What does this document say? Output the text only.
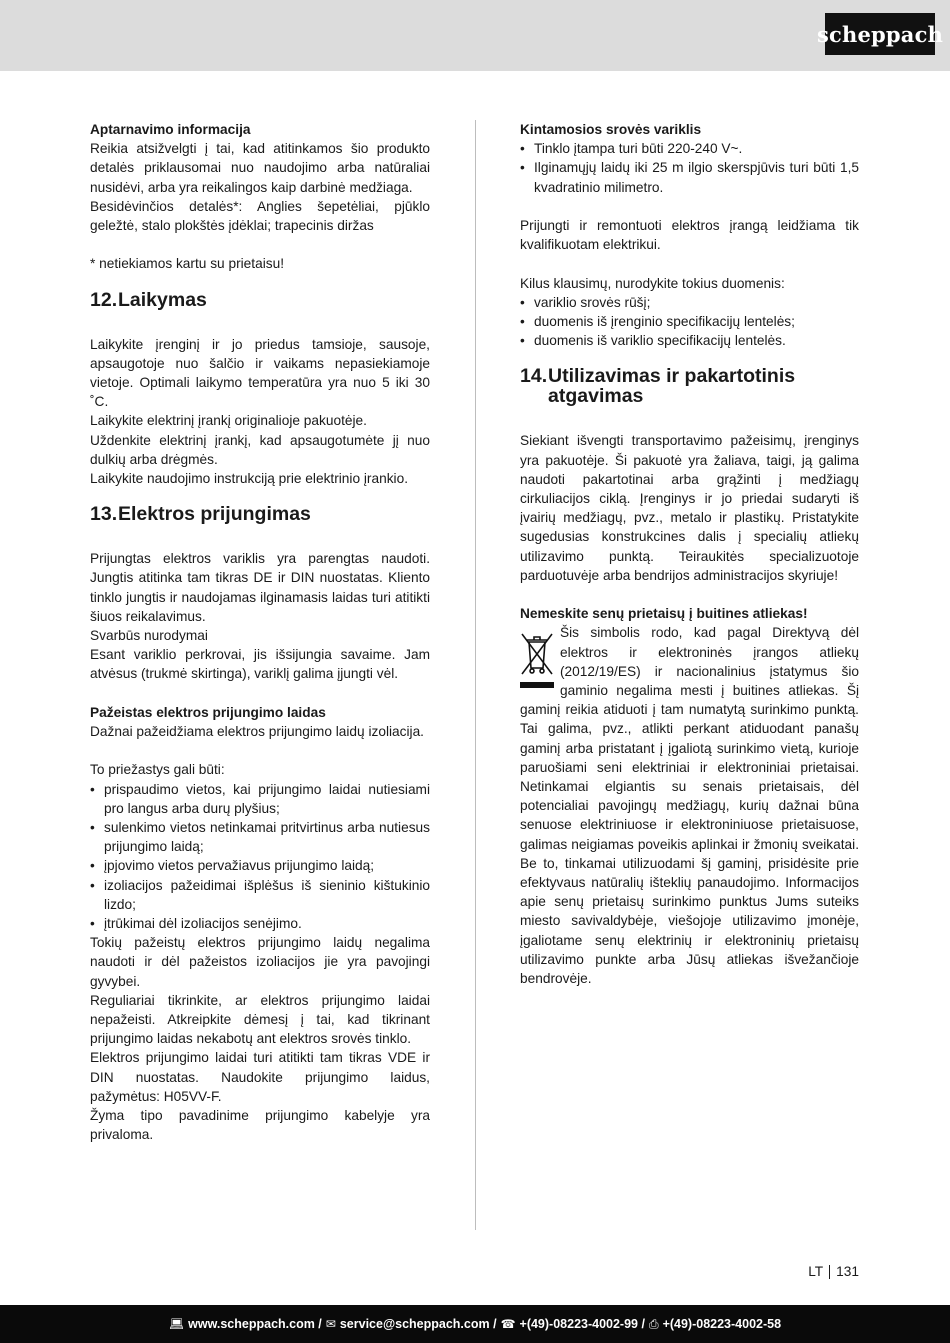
scheppach

Aptarnavimo informacija

Reikia atsižvelgti į tai, kad atitinkamos šio produkto detalės priklausomai nuo naudojimo arba natūraliai nusidėvi, arba yra reikalingos kaip darbinė medžiaga.

Besidėvinčios detalės*: Anglies šepetėliai, pjūklo geležtė, stalo plokštės įdėklai; trapecinis diržas

* netiekiamos kartu su prietaisu!

12. Laikymas

Laikykite įrenginį ir jo priedus tamsioje, sausoje, apsaugotoje nuo šalčio ir vaikams nepasiekiamoje vietoje. Optimali laikymo temperatūra yra nuo 5 iki 30 ˚C.

Laikykite elektrinį įrankį originalioje pakuotėje.

Uždenkite elektrinį įrankį, kad apsaugotumėte jį nuo dulkių arba drėgmės.

Laikykite naudojimo instrukciją prie elektrinio įrankio.

13. Elektros prijungimas

Prijungtas elektros variklis yra parengtas naudoti. Jungtis atitinka tam tikras DE ir DIN nuostatas. Kliento tinklo jungtis ir naudojamas ilginamasis laidas turi atitikti šiuos reikalavimus.

Svarbūs nurodymai

Esant variklio perkrovai, jis išsijungia savaime. Jam atvėsus (trukmė skirtinga), variklį galima įjungti vėl.

Pažeistas elektros prijungimo laidas

Dažnai pažeidžiama elektros prijungimo laidų izoliacija.

To priežastys gali būti:

• prispaudimo vietos, kai prijungimo laidai nutiesiami pro langus arba durų plyšius;
• sulenkimo vietos netinkamai pritvirtinus arba nutiesus prijungimo laidą;
• įpjovimo vietos pervažiavus prijungimo laidą;
• izoliacijos pažeidimai išplėšus iš sieninio kištukinio lizdo;
• įtrūkimai dėl izoliacijos senėjimo.

Tokių pažeistų elektros prijungimo laidų negalima naudoti ir dėl pažeistos izoliacijos jie yra pavojingi gyvybei.

Reguliariai tikrinkite, ar elektros prijungimo laidai nepažeisti. Atkreipkite dėmesį į tai, kad tikrinant prijungimo laidas nekabotų ant elektros srovės tinklo.

Elektros prijungimo laidai turi atitikti tam tikras VDE ir DIN nuostatas. Naudokite prijungimo laidus, pažymėtus: H05VV-F.

Žyma tipo pavadinime prijungimo kabelyje yra privaloma.

Kintamosios srovės variklis

• Tinklo įtampa turi būti 220-240 V~.
• Ilginamųjų laidų iki 25 m ilgio skerspjūvis turi būti 1,5 kvadratinio milimetro.

Prijungti ir remontuoti elektros įrangą leidžiama tik kvalifikuotam elektrikui.

Kilus klausimų, nurodykite tokius duomenis:

• variklio srovės rūšį;
• duomenis iš įrenginio specifikacijų lentelės;
• duomenis iš variklio specifikacijų lentelės.
14. Utilizavimas ir pakartotinis atgavimas

Siekiant išvengti transportavimo pažeisimų, įrenginys yra pakuotėje. Ši pakuotė yra žaliava, taigi, ją galima naudoti pakartotinai arba grąžinti į medžiagų cirkuliacijos ciklą. Įrenginys ir jo priedai sudaryti iš įvairių medžiagų, pvz., metalo ir plastikų. Pristatykite sugedusias konstrukcines dalis į specialių atliekų utilizavimo punktą. Teiraukitės specializuotoje parduotuvėje arba bendrijos administracijos skyriuje!

Nemeskite senų prietaisų į buitines atliekas!

Šis simbolis rodo, kad pagal Direktyvą dėl elektros ir elektroninės įrangos atliekų (2012/19/ES) ir nacionalinius įstatymus šio gaminio negalima mesti į buitines atliekas. Šį gaminį reikia atiduoti į tam numatytą surinkimo punktą. Tai galima, pvz., atlikti perkant atiduodant panašų gaminį arba pristatant į įgaliotą surinkimo vietą, kurioje paruošiami seni elektriniai ir elektroniniai prietaisai. Netinkamai elgiantis su senais prietaisais, dėl potencialiai pavojingų medžiagų, kurių dažnai būna senuose elektriniuose ir elektroniniuose prietaisuose, galimas neigiamas poveikis aplinkai ir žmonių sveikatai. Be to, tinkamai utilizuodami šį gaminį, prisidėsite prie efektyvaus natūralių išteklių panaudojimo. Informacijos apie senų prietaisų surinkimo punktus Jums suteiks miesto savivaldybėje, viešojoje utilizavimo įmonėje, įgaliotame senų elektrinių ir elektroninių prietaisų utilizavimo punkte arba Jūsų atliekas išvežančioje bendrovėje.

LT 131
💻︎ www.scheppach.com / ✉︎ service@scheppach.com / ☎ +(49)-08223-4002-99 / ⎙ +(49)-08223-4002-58
